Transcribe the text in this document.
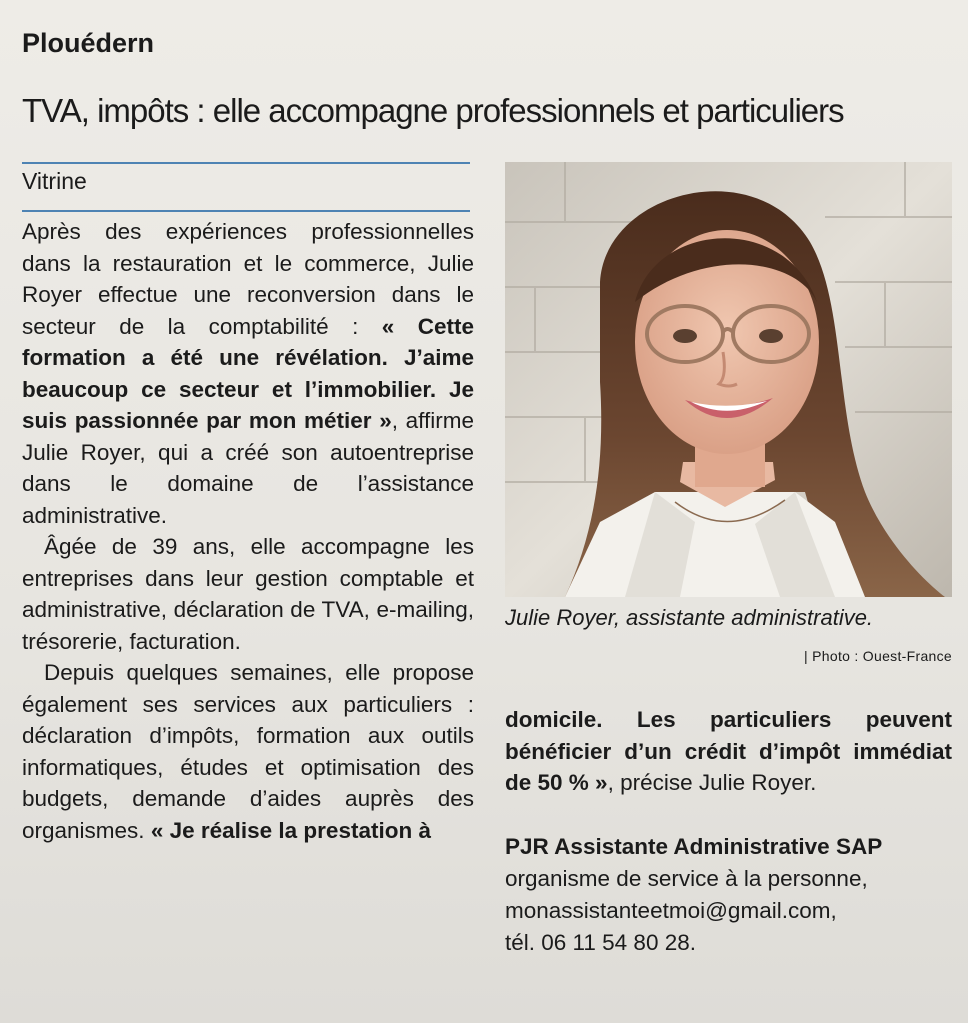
Plouédern
TVA, impôts : elle accompagne professionnels et particuliers
Vitrine

Après des expériences professionnelles dans la restauration et le commerce, Julie Royer effectue une reconversion dans le secteur de la comptabilité : « Cette formation a été une révélation. J’aime beaucoup ce secteur et l’immobilier. Je suis passionnée par mon métier », affirme Julie Royer, qui a créé son autoentreprise dans le domaine de l’assistance administrative.

Âgée de 39 ans, elle accompagne les entreprises dans leur gestion comptable et administrative, déclaration de TVA, e-mailing, trésorerie, facturation.

Depuis quelques semaines, elle propose également ses services aux particuliers : déclaration d’impôts, formation aux outils informatiques, études et optimisation des budgets, demande d’aides auprès des organismes. « Je réalise la prestation à

Julie Royer, assistante administrative.
| Photo : Ouest-France

domicile. Les particuliers peuvent bénéficier d’un crédit d’impôt immédiat de 50 % », précise Julie Royer.

PJR Assistante Administrative SAP
organisme de service à la personne,
monassistanteetmoi@gmail.com,
tél. 06 11 54 80 28.
